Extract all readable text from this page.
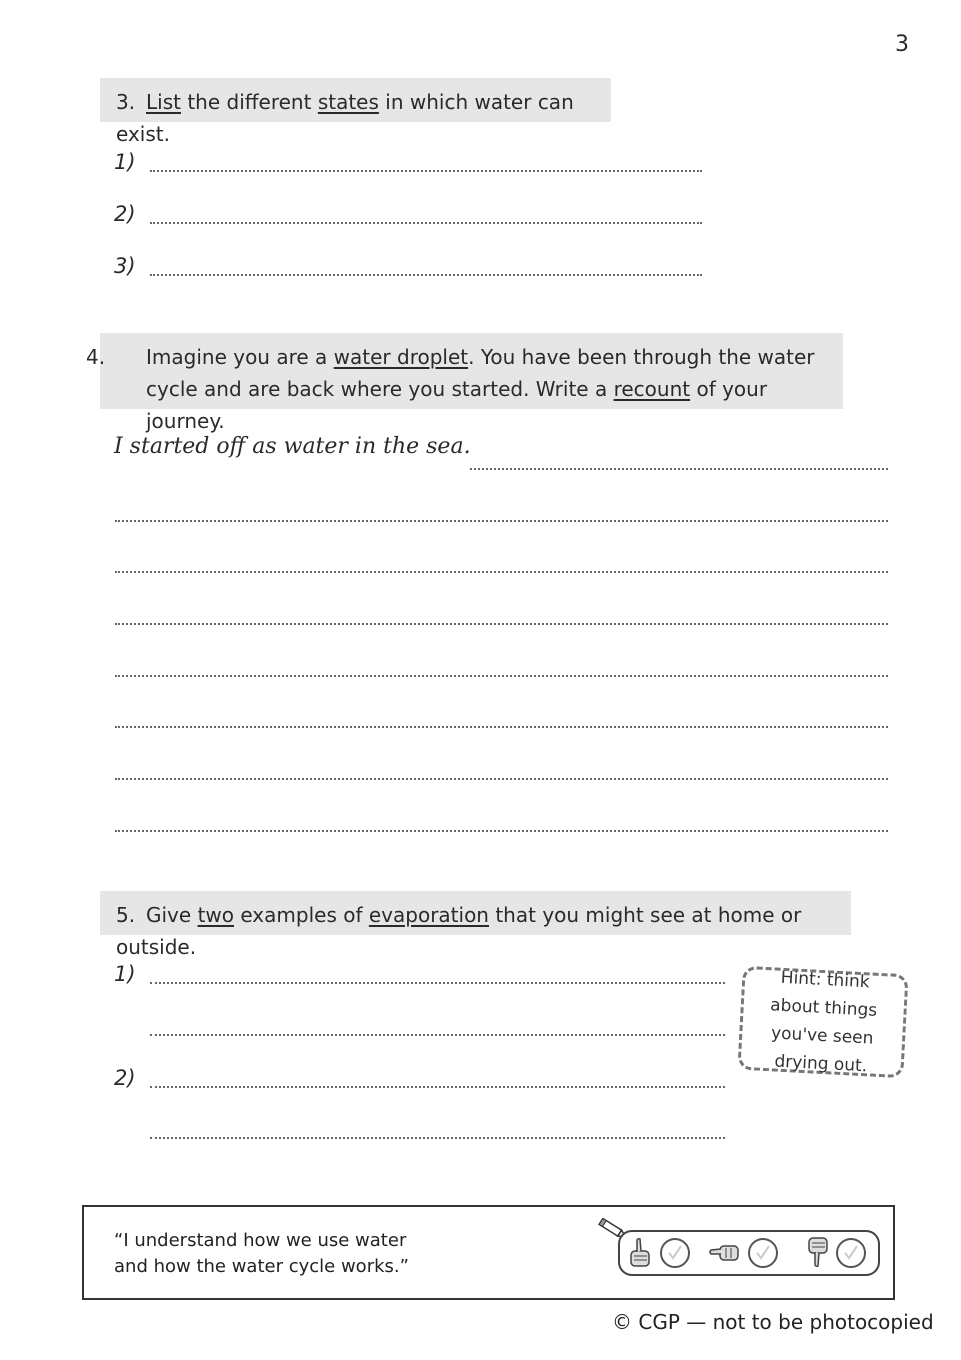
3
3. List the different states in which water can exist.
1)
2)
3)
4. Imagine you are a water droplet. You have been through the water cycle and are back where you started. Write a recount of your journey.
I started off as water in the sea.
5. Give two examples of evaporation that you might see at home or outside.
1)
2)
Hint: think about things you've seen drying out.
“I understand how we use water
and how the water cycle works.”
© CGP — not to be photocopied
